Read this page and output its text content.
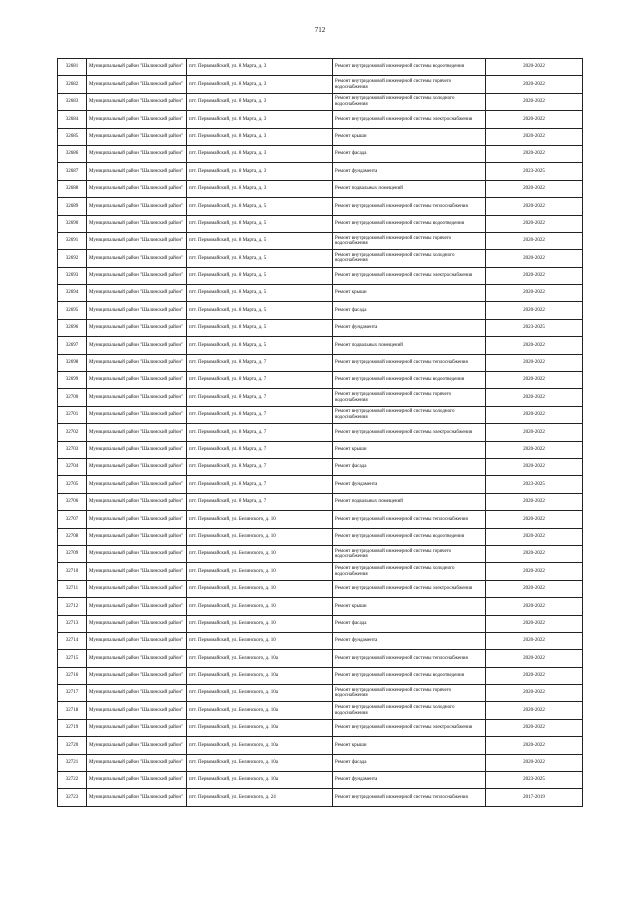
712
32681	Муниципальный район "Шалинский район"	пгт. Первомайский, ул. 8 Марта, д. 3	Ремонт внутридомовой инженерной системы водоотведения	2020-2022
32682	Муниципальный район "Шалинский район"	пгт. Первомайский, ул. 8 Марта, д. 3	Ремонт внутридомовой инженерной системы горячего водоснабжения	2020-2022
32683	Муниципальный район "Шалинский район"	пгт. Первомайский, ул. 8 Марта, д. 3	Ремонт внутридомовой инженерной системы холодного водоснабжения	2020-2022
32684	Муниципальный район "Шалинский район"	пгт. Первомайский, ул. 8 Марта, д. 3	Ремонт внутридомовой инженерной системы электроснабжения	2020-2022
32685	Муниципальный район "Шалинский район"	пгт. Первомайский, ул. 8 Марта, д. 3	Ремонт крыши	2020-2022
32686	Муниципальный район "Шалинский район"	пгт. Первомайский, ул. 8 Марта, д. 3	Ремонт фасада	2020-2022
32687	Муниципальный район "Шалинский район"	пгт. Первомайский, ул. 8 Марта, д. 3	Ремонт фундамента	2023-2025
32688	Муниципальный район "Шалинский район"	пгт. Первомайский, ул. 8 Марта, д. 3	Ремонт подвальных помещений	2020-2022
32689	Муниципальный район "Шалинский район"	пгт. Первомайский, ул. 8 Марта, д. 5	Ремонт внутридомовой инженерной системы теплоснабжения	2020-2022
32690	Муниципальный район "Шалинский район"	пгт. Первомайский, ул. 8 Марта, д. 5	Ремонт внутридомовой инженерной системы водоотведения	2020-2022
32691	Муниципальный район "Шалинский район"	пгт. Первомайский, ул. 8 Марта, д. 5	Ремонт внутридомовой инженерной системы горячего водоснабжения	2020-2022
32692	Муниципальный район "Шалинский район"	пгт. Первомайский, ул. 8 Марта, д. 5	Ремонт внутридомовой инженерной системы холодного водоснабжения	2020-2022
32693	Муниципальный район "Шалинский район"	пгт. Первомайский, ул. 8 Марта, д. 5	Ремонт внутридомовой инженерной системы электроснабжения	2020-2022
32694	Муниципальный район "Шалинский район"	пгт. Первомайский, ул. 8 Марта, д. 5	Ремонт крыши	2020-2022
32695	Муниципальный район "Шалинский район"	пгт. Первомайский, ул. 8 Марта, д. 5	Ремонт фасада	2020-2022
32696	Муниципальный район "Шалинский район"	пгт. Первомайский, ул. 8 Марта, д. 5	Ремонт фундамента	2023-2025
32697	Муниципальный район "Шалинский район"	пгт. Первомайский, ул. 8 Марта, д. 5	Ремонт подвальных помещений	2020-2022
32698	Муниципальный район "Шалинский район"	пгт. Первомайский, ул. 8 Марта, д. 7	Ремонт внутридомовой инженерной системы теплоснабжения	2020-2022
32699	Муниципальный район "Шалинский район"	пгт. Первомайский, ул. 8 Марта, д. 7	Ремонт внутридомовой инженерной системы водоотведения	2020-2022
32700	Муниципальный район "Шалинский район"	пгт. Первомайский, ул. 8 Марта, д. 7	Ремонт внутридомовой инженерной системы горячего водоснабжения	2020-2022
32701	Муниципальный район "Шалинский район"	пгт. Первомайский, ул. 8 Марта, д. 7	Ремонт внутридомовой инженерной системы холодного водоснабжения	2020-2022
32702	Муниципальный район "Шалинский район"	пгт. Первомайский, ул. 8 Марта, д. 7	Ремонт внутридомовой инженерной системы электроснабжения	2020-2022
32703	Муниципальный район "Шалинский район"	пгт. Первомайский, ул. 8 Марта, д. 7	Ремонт крыши	2020-2022
32704	Муниципальный район "Шалинский район"	пгт. Первомайский, ул. 8 Марта, д. 7	Ремонт фасада	2020-2022
32705	Муниципальный район "Шалинский район"	пгт. Первомайский, ул. 8 Марта, д. 7	Ремонт фундамента	2023-2025
32706	Муниципальный район "Шалинский район"	пгт. Первомайский, ул. 8 Марта, д. 7	Ремонт подвальных помещений	2020-2022
32707	Муниципальный район "Шалинский район"	пгт. Первомайский, ул. Белинского, д. 10	Ремонт внутридомовой инженерной системы теплоснабжения	2020-2022
32708	Муниципальный район "Шалинский район"	пгт. Первомайский, ул. Белинского, д. 10	Ремонт внутридомовой инженерной системы водоотведения	2020-2022
32709	Муниципальный район "Шалинский район"	пгт. Первомайский, ул. Белинского, д. 10	Ремонт внутридомовой инженерной системы горячего водоснабжения	2020-2022
32710	Муниципальный район "Шалинский район"	пгт. Первомайский, ул. Белинского, д. 10	Ремонт внутридомовой инженерной системы холодного водоснабжения	2020-2022
32711	Муниципальный район "Шалинский район"	пгт. Первомайский, ул. Белинского, д. 10	Ремонт внутридомовой инженерной системы электроснабжения	2020-2022
32712	Муниципальный район "Шалинский район"	пгт. Первомайский, ул. Белинского, д. 10	Ремонт крыши	2020-2022
32713	Муниципальный район "Шалинский район"	пгт. Первомайский, ул. Белинского, д. 10	Ремонт фасада	2020-2022
32714	Муниципальный район "Шалинский район"	пгт. Первомайский, ул. Белинского, д. 10	Ремонт фундамента	2020-2022
32715	Муниципальный район "Шалинский район"	пгт. Первомайский, ул. Белинского, д. 10а	Ремонт внутридомовой инженерной системы теплоснабжения	2020-2022
32716	Муниципальный район "Шалинский район"	пгт. Первомайский, ул. Белинского, д. 10а	Ремонт внутридомовой инженерной системы водоотведения	2020-2022
32717	Муниципальный район "Шалинский район"	пгт. Первомайский, ул. Белинского, д. 10а	Ремонт внутридомовой инженерной системы горячего водоснабжения	2020-2022
32718	Муниципальный район "Шалинский район"	пгт. Первомайский, ул. Белинского, д. 10а	Ремонт внутридомовой инженерной системы холодного водоснабжения	2020-2022
32719	Муниципальный район "Шалинский район"	пгт. Первомайский, ул. Белинского, д. 10а	Ремонт внутридомовой инженерной системы электроснабжения	2020-2022
32720	Муниципальный район "Шалинский район"	пгт. Первомайский, ул. Белинского, д. 10а	Ремонт крыши	2020-2022
32721	Муниципальный район "Шалинский район"	пгт. Первомайский, ул. Белинского, д. 10а	Ремонт фасада	2020-2022
32722	Муниципальный район "Шалинский район"	пгт. Первомайский, ул. Белинского, д. 10а	Ремонт фундамента	2023-2025
32723	Муниципальный район "Шалинский район"	пгт. Первомайский, ул. Белинского, д. 24	Ремонт внутридомовой инженерной системы теплоснабжения	2017-2019
